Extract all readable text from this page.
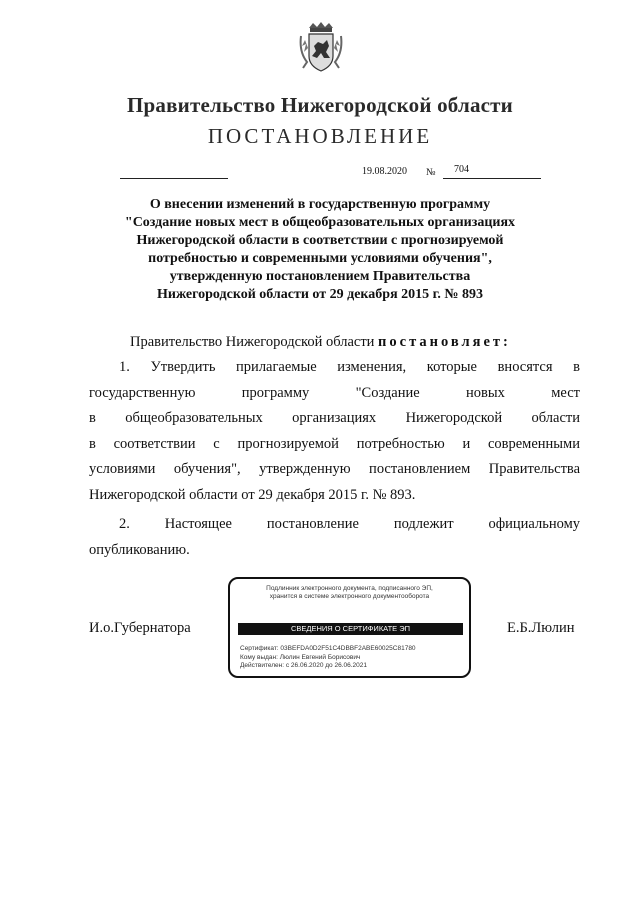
Правительство Нижегородской области
ПОСТАНОВЛЕНИЕ
19.08.2020 № 704
О внесении изменений в государственную программу
"Создание новых мест в общеобразовательных организациях
Нижегородской области в соответствии с прогнозируемой
потребностью и современными условиями обучения",
утвержденную постановлением Правительства
Нижегородской области от 29 декабря 2015 г. № 893
Правительство Нижегородской области постановляет:
1. Утвердить прилагаемые изменения, которые вносятся в
государственную программу "Создание новых мест
в общеобразовательных организациях Нижегородской области
в соответствии с прогнозируемой потребностью и современными
условиями обучения", утвержденную постановлением Правительства
Нижегородской области от 29 декабря 2015 г. № 893.
2. Настоящее постановление подлежит официальному
опубликованию.
И.о.Губернатора	Е.Б.Люлин
Подлинник электронного документа, подписанного ЭП,
хранится в системе электронного документооборота
СВЕДЕНИЯ О СЕРТИФИКАТЕ ЭП
Сертификат: 03BEFDA0D2F51C4DBBF2ABE60025C81780
Кому выдан: Люлин Евгений Борисович
Действителен: с 26.06.2020 до 26.06.2021
